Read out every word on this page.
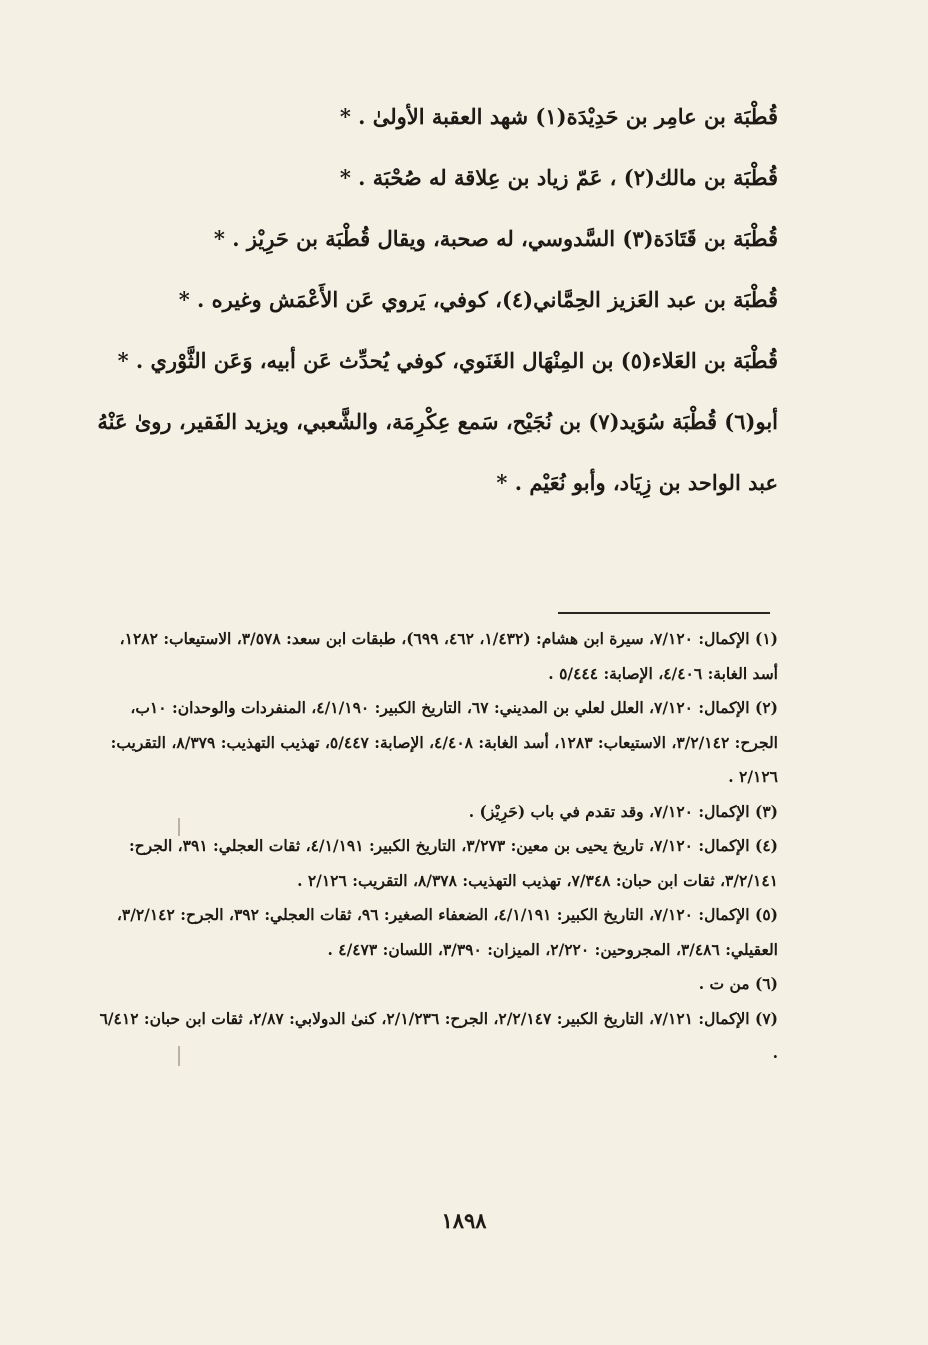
قُطْبَة بن عامِر بن حَدِيْدَة(١) شهد العقبة الأولىٰ . *

قُطْبَة بن مالك(٢) ، عَمّ زياد بن عِلاقة له صُحْبَة . *

قُطْبَة بن قَتَادَة(٣) السَّدوسي، له صحبة، ويقال قُطْبَة بن حَرِيْز . *

قُطْبَة بن عبد العَزيز الحِمَّاني(٤)، كوفي، يَروي عَن الأَعْمَش وغيره . *

قُطْبَة بن العَلاء(٥) بن المِنْهَال الغَنَوي، كوفي يُحدِّث عَن أبيه، وَعَن الثَّوْري . *

أبو(٦) قُطْبَة سُوَيد(٧) بن نُجَيْح، سَمع عِكْرِمَة، والشَّعبي، ويزيد الفَقير، روىٰ عَنْهُ عبد الواحد بن زِيَاد، وأبو نُعَيْم . *

(١) الإكمال: ٧/١٢٠، سيرة ابن هشام: (١/٤٣٢، ٤٦٢، ٦٩٩)، طبقات ابن سعد: ٣/٥٧٨، الاستيعاب: ١٢٨٢، أسد الغابة: ٤/٤٠٦، الإصابة: ٥/٤٤٤ .

(٢) الإكمال: ٧/١٢٠، العلل لعلي بن المديني: ٦٧، التاريخ الكبير: ٤/١/١٩٠، المنفردات والوحدان: ١٠ب، الجرح: ٣/٢/١٤٢، الاستيعاب: ١٢٨٣، أسد الغابة: ٤/٤٠٨، الإصابة: ٥/٤٤٧، تهذيب التهذيب: ٨/٣٧٩، التقريب: ٢/١٢٦ .

(٣) الإكمال: ٧/١٢٠، وقد تقدم في باب (حَرِيْز) .

(٤) الإكمال: ٧/١٢٠، تاريخ يحيى بن معين: ٣/٢٧٣، التاريخ الكبير: ٤/١/١٩١، ثقات العجلي: ٣٩١، الجرح: ٣/٢/١٤١، ثقات ابن حبان: ٧/٣٤٨، تهذيب التهذيب: ٨/٣٧٨، التقريب: ٢/١٢٦ .

(٥) الإكمال: ٧/١٢٠، التاريخ الكبير: ٤/١/١٩١، الضعفاء الصغير: ٩٦، ثقات العجلي: ٣٩٢، الجرح: ٣/٢/١٤٢، العقيلي: ٣/٤٨٦، المجروحين: ٢/٢٢٠، الميزان: ٣/٣٩٠، اللسان: ٤/٤٧٣ .

(٦) من ت .

(٧) الإكمال: ٧/١٢١، التاريخ الكبير: ٢/٢/١٤٧، الجرح: ٢/١/٢٣٦، كنىٰ الدولابي: ٢/٨٧، ثقات ابن حبان: ٦/٤١٢ .

١٨٩٨
